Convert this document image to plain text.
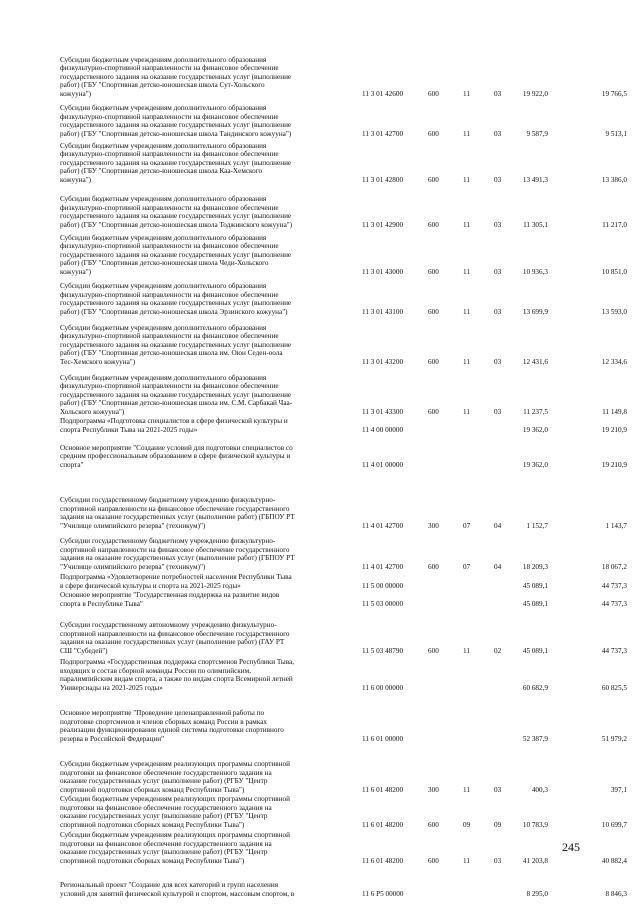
Субсидии бюджетным учреждениям дополнительного образования
физкультурно-спортивной направленности на финансовое обеспечение
государственного задания на оказание государственных услуг (выполнение
работ) (ГБУ "Спортивная детско-юношеская школа Сут-Хольского
кожууна")	11 3 01 42600	600	11	03	19 922,0	19 766,5
Субсидии бюджетным учреждениям дополнительного образования
физкультурно-спортивной направленности на финансовое обеспечение
государственного задания на оказание государственных услуг (выполнение
работ) (ГБУ "Спортивная детско-юношеская школа Тандинского кожууна")	11 3 01 42700	600	11	03	9 587,9	9 513,1
Субсидии бюджетным учреждениям дополнительного образования
физкультурно-спортивной направленности на финансовое обеспечение
государственного задания на оказание государственных услуг (выполнение
работ) (ГБУ "Спортивная детско-юношеская школа Каа-Хемского
кожууна")	11 3 01 42800	600	11	03	13 491,3	13 386,0
Субсидии бюджетным учреждениям дополнительного образования
физкультурно-спортивной направленности на финансовое обеспечение
государственного задания на оказание государственных услуг (выполнение
работ) (ГБУ "Спортивная детско-юношеская школа Тоджинского кожууна")	11 3 01 42900	600	11	03	11 305,1	11 217,0
Субсидии бюджетным учреждениям дополнительного образования
физкультурно-спортивной направленности на финансовое обеспечение
государственного задания на оказание государственных услуг (выполнение
работ) (ГБУ "Спортивная детско-юношеская школа Чеди-Хольского
кожууна")	11 3 01 43000	600	11	03	10 936,3	10 851,0
Субсидии бюджетным учреждениям дополнительного образования
физкультурно-спортивной направленности на финансовое обеспечение
государственного задания на оказание государственных услуг (выполнение
работ) (ГБУ "Спортивная детско-юношеская школа Эрзинского кожууна")	11 3 01 43100	600	11	03	13 699,9	13 593,0
Субсидии бюджетным учреждениям дополнительного образования
физкультурно-спортивной направленности на финансовое обеспечение
государственного задания на оказание государственных услуг (выполнение
работ) (ГБУ "Спортивная детско-юношеская школа им. Оюн Седен-оола
Тес-Хемского кожууна")	11 3 01 43200	600	11	03	12 431,6	12 334,6
Субсидии бюджетным учреждениям дополнительного образования
физкультурно-спортивной направленности на финансовое обеспечение
государственного задания на оказание государственных услуг (выполнение
работ) (ГБУ "Спортивная детско-юношеская школа им. С.М. Сарбакай Чаа-
Хольского кожууна")	11 3 01 43300	600	11	03	11 237,5	11 149,8
Подпрограмма «Подготовка специалистов в сфере физической культуры и
спорта Республики Тыва на 2021-2025 годы»	11 4 00 00000	19 362,0	19 210,9
Основное мероприятие "Создание условий для подготовки специалистов со
средним профессиональным образованием в сфере физической культуры и
спорта"	11 4 01 00000	19 362,0	19 210,9
Субсидии государственному бюджетному учреждению физкультурно-
спортивной направленности на финансовое обеспечение государственного
задания на оказание государственных услуг (выполнение работ) (ГБПОУ РТ
"Училище олимпийского резерва" (техникум)")	11 4 01 42700	300	07	04	1 152,7	1 143,7
Субсидии государственному бюджетному учреждению физкультурно-
спортивной направленности на финансовое обеспечение государственного
задания на оказание государственных услуг (выполнение работ) (ГБПОУ РТ
"Училище олимпийского резерва" (техникум)")	11 4 01 42700	600	07	04	18 209,3	18 067,2
Подпрограмма «Удовлетворение потребностей населения Республики Тыва
в сфере физической культуры и спорта на 2021-2025 годы»	11 5 00 00000	45 089,1	44 737,3
Основное мероприятие "Государственная поддержка на развитие видов
спорта в Республике Тыва"	11 5 03 00000	45 089,1	44 737,3
Субсидии государственному автономному учреждению физкультурно-
спортивной направленности на финансовое обеспечение государственного
задания на оказание государственных услуг (выполнение работ) (ГАУ РТ
СШ "Субедей")	11 5 03 48790	600	11	02	45 089,1	44 737,3
Подпрограмма «Государственная поддержка спортсменов Республики Тыва,
входящих в состав сборной команды России по олимпийским,
паралимпийским видам спорта, а также по видам спорта Всемирной летней
Универсиады на 2021-2025 годы»	11 6 00 00000	60 682,9	60 825,5
Основное мероприятие "Проведение целенаправленной работы по
подготовке спортсменов и членов сборных команд России в рамках
реализации функционирования единой системы подготовки спортивного
резерва в Российской Федерации"	11 6 01 00000	52 387,9	51 979,2
Субсидии бюджетным учреждениям реализующих программы спортивной
подготовки на финансовое обеспечение государственного задания на
оказание государственных услуг (выполнение работ) (РГБУ "Центр
спортивной подготовки сборных команд Республики Тыва")	11 6 01 48200	300	11	03	400,3	397,1
Субсидии бюджетным учреждениям реализующих программы спортивной
подготовки на финансовое обеспечение государственного задания на
оказание государственных услуг (выполнение работ) (РГБУ "Центр
спортивной подготовки сборных команд Республики Тыва")	11 6 01 48200	600	09	09	10 783,9	10 699,7
Субсидии бюджетным учреждениям реализующих программы спортивной
подготовки на финансовое обеспечение государственного задания на
оказание государственных услуг (выполнение работ) (РГБУ "Центр
спортивной подготовки сборных команд Республики Тыва")	11 6 01 48200	600	11	03	41 203,8	40 882,4
Региональный проект "Создание для всех категорий и групп населения
условий для занятий физической культурой и спортом, массовым спортом, в	11 6 P5 00000	8 295,0	8 846,3
245
